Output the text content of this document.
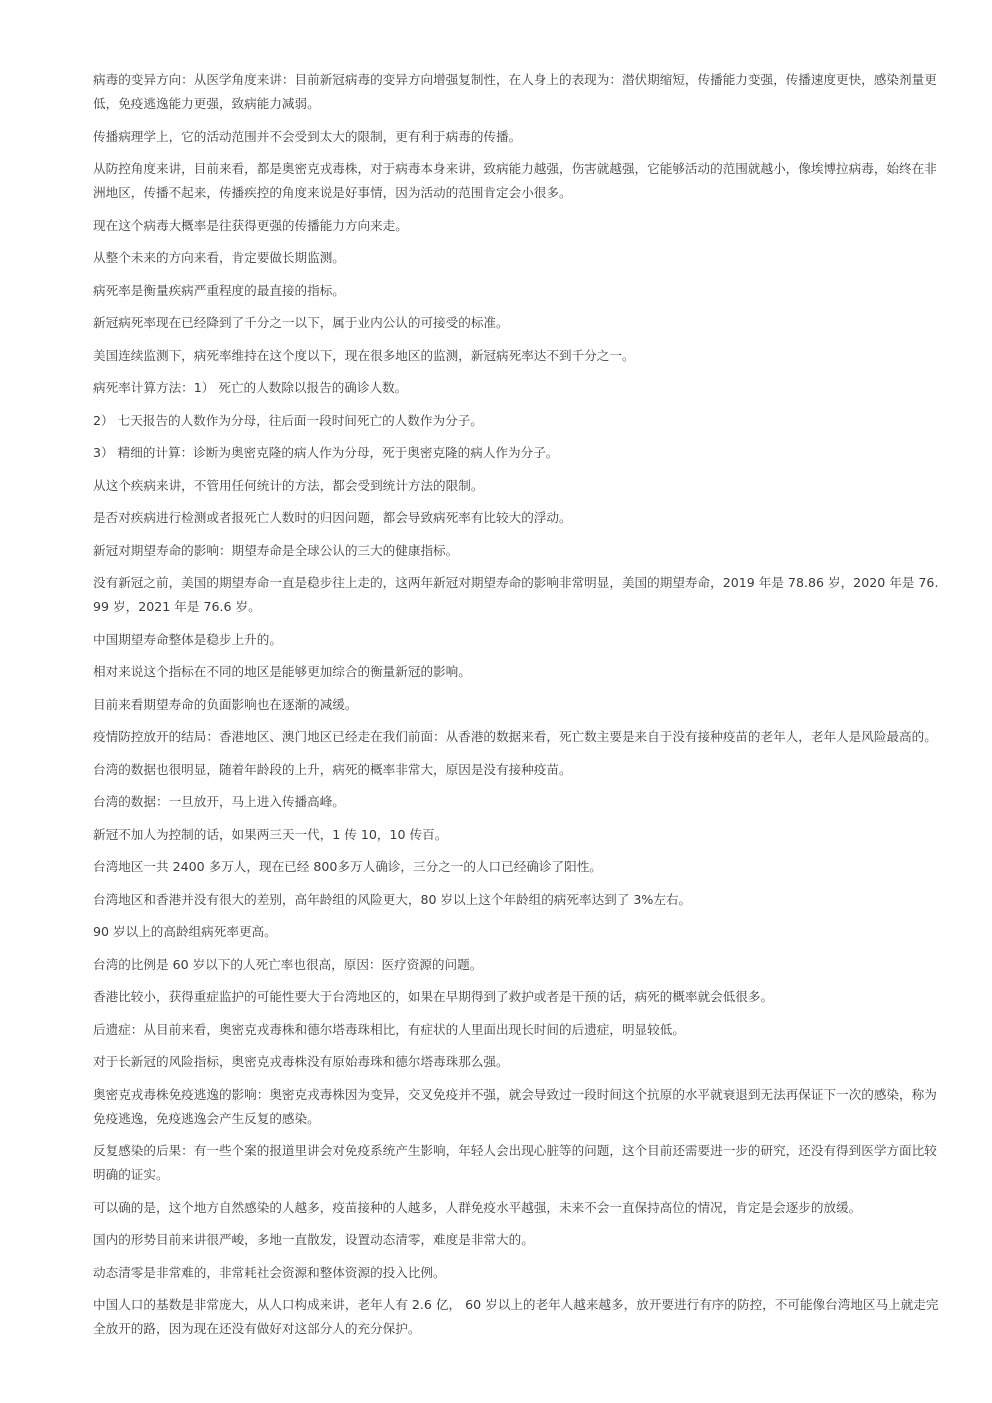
病毒的变异方向：从医学角度来讲：目前新冠病毒的变异方向增强复制性，在人身上的表现为：潜伏期缩短，传播能力变强，传播速度更快，感染剂量更低，免疫逃逸能力更强，致病能力减弱。

传播病理学上，它的活动范围并不会受到太大的限制，更有利于病毒的传播。

从防控角度来讲，目前来看，都是奥密克戎毒株，对于病毒本身来讲，致病能力越强，伤害就越强，它能够活动的范围就越小，像埃博拉病毒，始终在非洲地区，传播不起来，传播疾控的角度来说是好事情，因为活动的范围肯定会小很多。

现在这个病毒大概率是往获得更强的传播能力方向来走。

从整个未来的方向来看，肯定要做长期监测。

病死率是衡量疾病严重程度的最直接的指标。

新冠病死率现在已经降到了千分之一以下，属于业内公认的可接受的标准。

美国连续监测下，病死率维持在这个度以下，现在很多地区的监测，新冠病死率达不到千分之一。

病死率计算方法：1） 死亡的人数除以报告的确诊人数。

2） 七天报告的人数作为分母，往后面一段时间死亡的人数作为分子。

3） 精细的计算：诊断为奥密克隆的病人作为分母，死于奥密克隆的病人作为分子。

从这个疾病来讲，不管用任何统计的方法，都会受到统计方法的限制。

是否对疾病进行检测或者报死亡人数时的归因问题，都会导致病死率有比较大的浮动。

新冠对期望寿命的影响：期望寿命是全球公认的三大的健康指标。

没有新冠之前，美国的期望寿命一直是稳步往上走的，这两年新冠对期望寿命的影响非常明显，美国的期望寿命，2019 年是 78.86 岁，2020 年是 76.99 岁，2021 年是 76.6 岁。

中国期望寿命整体是稳步上升的。

相对来说这个指标在不同的地区是能够更加综合的衡量新冠的影响。

目前来看期望寿命的负面影响也在逐渐的减缓。

疫情防控放开的结局：香港地区、澳门地区已经走在我们前面：从香港的数据来看，死亡数主要是来自于没有接种疫苗的老年人，老年人是风险最高的。

台湾的数据也很明显，随着年龄段的上升，病死的概率非常大，原因是没有接种疫苗。

台湾的数据：一旦放开，马上进入传播高峰。

新冠不加人为控制的话，如果两三天一代，1 传 10，10 传百。

台湾地区一共 2400 多万人，现在已经 800多万人确诊，三分之一的人口已经确诊了阳性。

台湾地区和香港并没有很大的差别，高年龄组的风险更大，80 岁以上这个年龄组的病死率达到了 3%左右。

90 岁以上的高龄组病死率更高。

台湾的比例是 60 岁以下的人死亡率也很高，原因：医疗资源的问题。

香港比较小，获得重症监护的可能性要大于台湾地区的，如果在早期得到了救护或者是干预的话，病死的概率就会低很多。

后遗症：从目前来看，奥密克戎毒株和德尔塔毒珠相比，有症状的人里面出现长时间的后遗症，明显较低。

对于长新冠的风险指标，奥密克戎毒株没有原始毒珠和德尔塔毒珠那么强。

奥密克戎毒株免疫逃逸的影响：奥密克戎毒株因为变异，交叉免疫并不强，就会导致过一段时间这个抗原的水平就衰退到无法再保证下一次的感染，称为免疫逃逸，免疫逃逸会产生反复的感染。

反复感染的后果：有一些个案的报道里讲会对免疫系统产生影响，年轻人会出现心脏等的问题，这个目前还需要进一步的研究，还没有得到医学方面比较明确的证实。

可以确的是，这个地方自然感染的人越多，疫苗接种的人越多，人群免疫水平越强，未来不会一直保持高位的情况，肯定是会逐步的放缓。

国内的形势目前来讲很严峻，多地一直散发，设置动态清零，难度是非常大的。

动态清零是非常难的，非常耗社会资源和整体资源的投入比例。

中国人口的基数是非常庞大，从人口构成来讲，老年人有 2.6 亿， 60 岁以上的老年人越来越多，放开要进行有序的防控，不可能像台湾地区马上就走完全放开的路，因为现在还没有做好对这部分人的充分保护。
